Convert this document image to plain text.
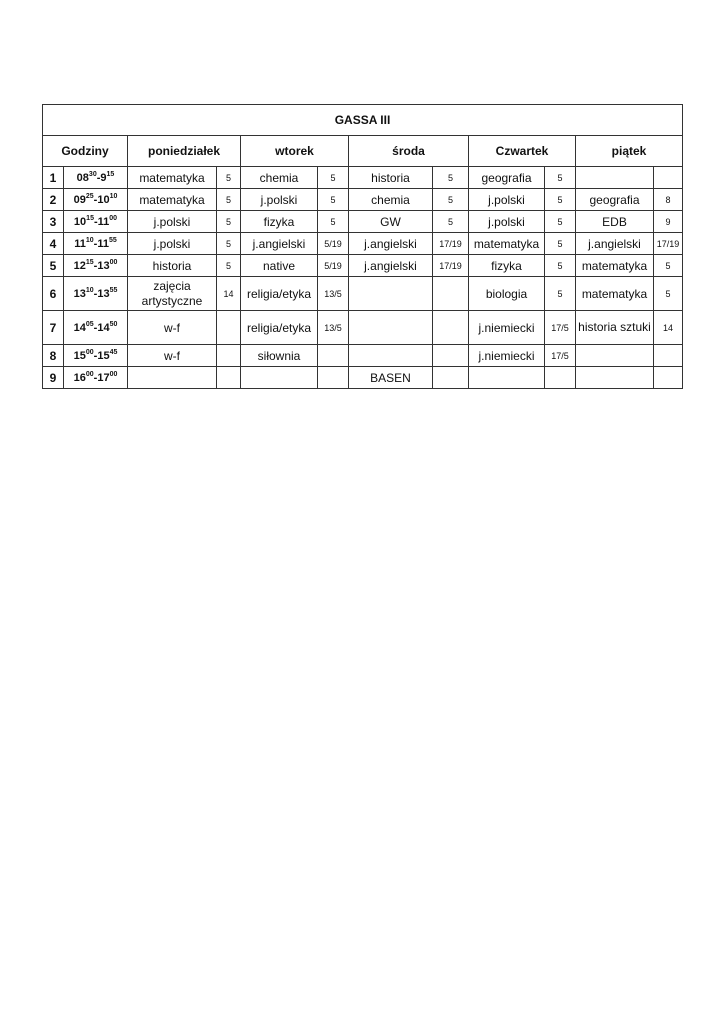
GASSA III											
Godziny		poniedziałek		wtorek		środa		Czwartek		piątek	
1	$08^{30}-9^{15}$	matematyka	5	chemia	5	historia	5	geografia	5		
2	$09^{25}-10^{10}$	matematyka	5	j.polski	5	chemia	5	j.polski	5	geografia	8
3	$10^{15}-11^{00}$	j.polski	5	fizyka	5	GW	5	j.polski	5	EDB	9
4	$11^{10}-11^{55}$	j.polski	5	j.angielski	5/19	j.angielski	17/19	matematyka	5	j.angielski	17/19
5	$12^{15}-13^{00}$	historia	5	native	5/19	j.angielski	17/19	fizyka	5	matematyka	5
6	$13^{10}-13^{55}$	zajęcia artystyczne	14	religia/etyka	13/5			biologia	5	matematyka	5
7	$14^{05}-14^{50}$	w-f		religia/etyka	13/5			j.niemiecki	17/5	historia sztuki	14
8	$15^{00}-15^{45}$	w-f		siłownia				j.niemiecki	17/5		
9	$16^{00}-17^{00}$					BASEN					
